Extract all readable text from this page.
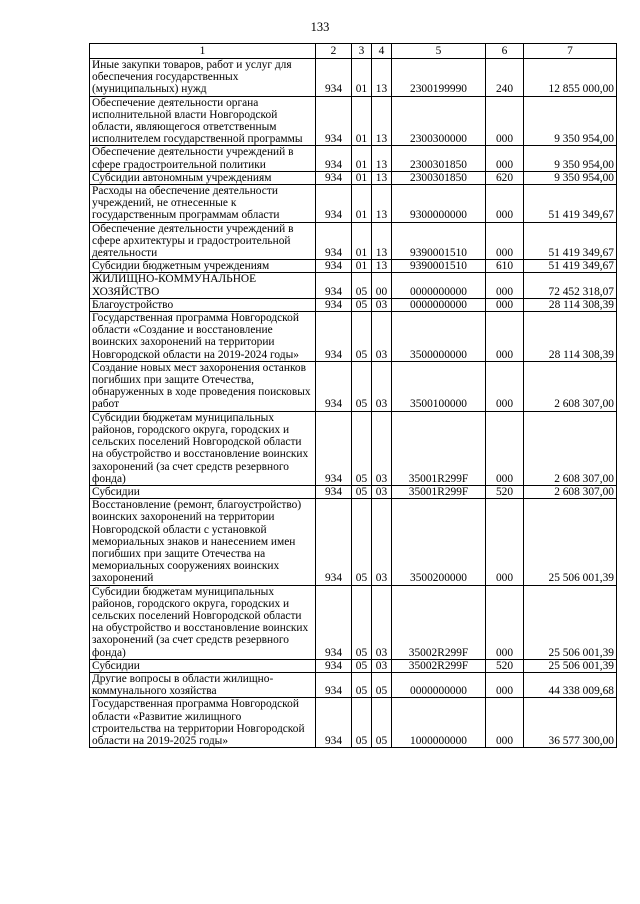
133
1	2	3	4	5	6	7
Иные закупки товаров, работ и услуг для обеспечения государственных (муниципальных) нужд	934	01	13	2300199990	240	12 855 000,00
Обеспечение деятельности органа исполнительной власти Новгородской области, являющегося ответственным исполнителем государственной программы	934	01	13	2300300000	000	9 350 954,00
Обеспечение деятельности учреждений в сфере градостроительной политики	934	01	13	2300301850	000	9 350 954,00
Субсидии автономным учреждениям	934	01	13	2300301850	620	9 350 954,00
Расходы на обеспечение деятельности учреждений, не отнесенные к государственным программам области	934	01	13	9300000000	000	51 419 349,67
Обеспечение деятельности учреждений в сфере архитектуры и градостроительной деятельности	934	01	13	9390001510	000	51 419 349,67
Субсидии бюджетным учреждениям	934	01	13	9390001510	610	51 419 349,67
ЖИЛИЩНО-КОММУНАЛЬНОЕ ХОЗЯЙСТВО	934	05	00	0000000000	000	72 452 318,07
Благоустройство	934	05	03	0000000000	000	28 114 308,39
Государственная программа Новгородской области «Создание и восстановление воинских захоронений на территории Новгородской области на 2019-2024 годы»	934	05	03	3500000000	000	28 114 308,39
Создание новых мест захоронения останков погибших при защите Отечества, обнаруженных в ходе проведения поисковых работ	934	05	03	3500100000	000	2 608 307,00
Субсидии бюджетам муниципальных районов, городского округа, городских и сельских поселений Новгородской области на обустройство и восстановление воинских захоронений (за счет средств резервного фонда)	934	05	03	35001R299F	000	2 608 307,00
Субсидии	934	05	03	35001R299F	520	2 608 307,00
Восстановление (ремонт, благоустройство) воинских захоронений на территории Новгородской области с установкой мемориальных знаков и нанесением имен погибших при защите Отечества на мемориальных сооружениях воинских захоронений	934	05	03	3500200000	000	25 506 001,39
Субсидии бюджетам муниципальных районов, городского округа, городских и сельских поселений Новгородской области на обустройство и восстановление воинских захоронений (за счет средств резервного фонда)	934	05	03	35002R299F	000	25 506 001,39
Субсидии	934	05	03	35002R299F	520	25 506 001,39
Другие вопросы в области жилищно-коммунального хозяйства	934	05	05	0000000000	000	44 338 009,68
Государственная программа Новгородской области «Развитие жилищного строительства на территории Новгородской области на 2019-2025 годы»	934	05	05	1000000000	000	36 577 300,00
